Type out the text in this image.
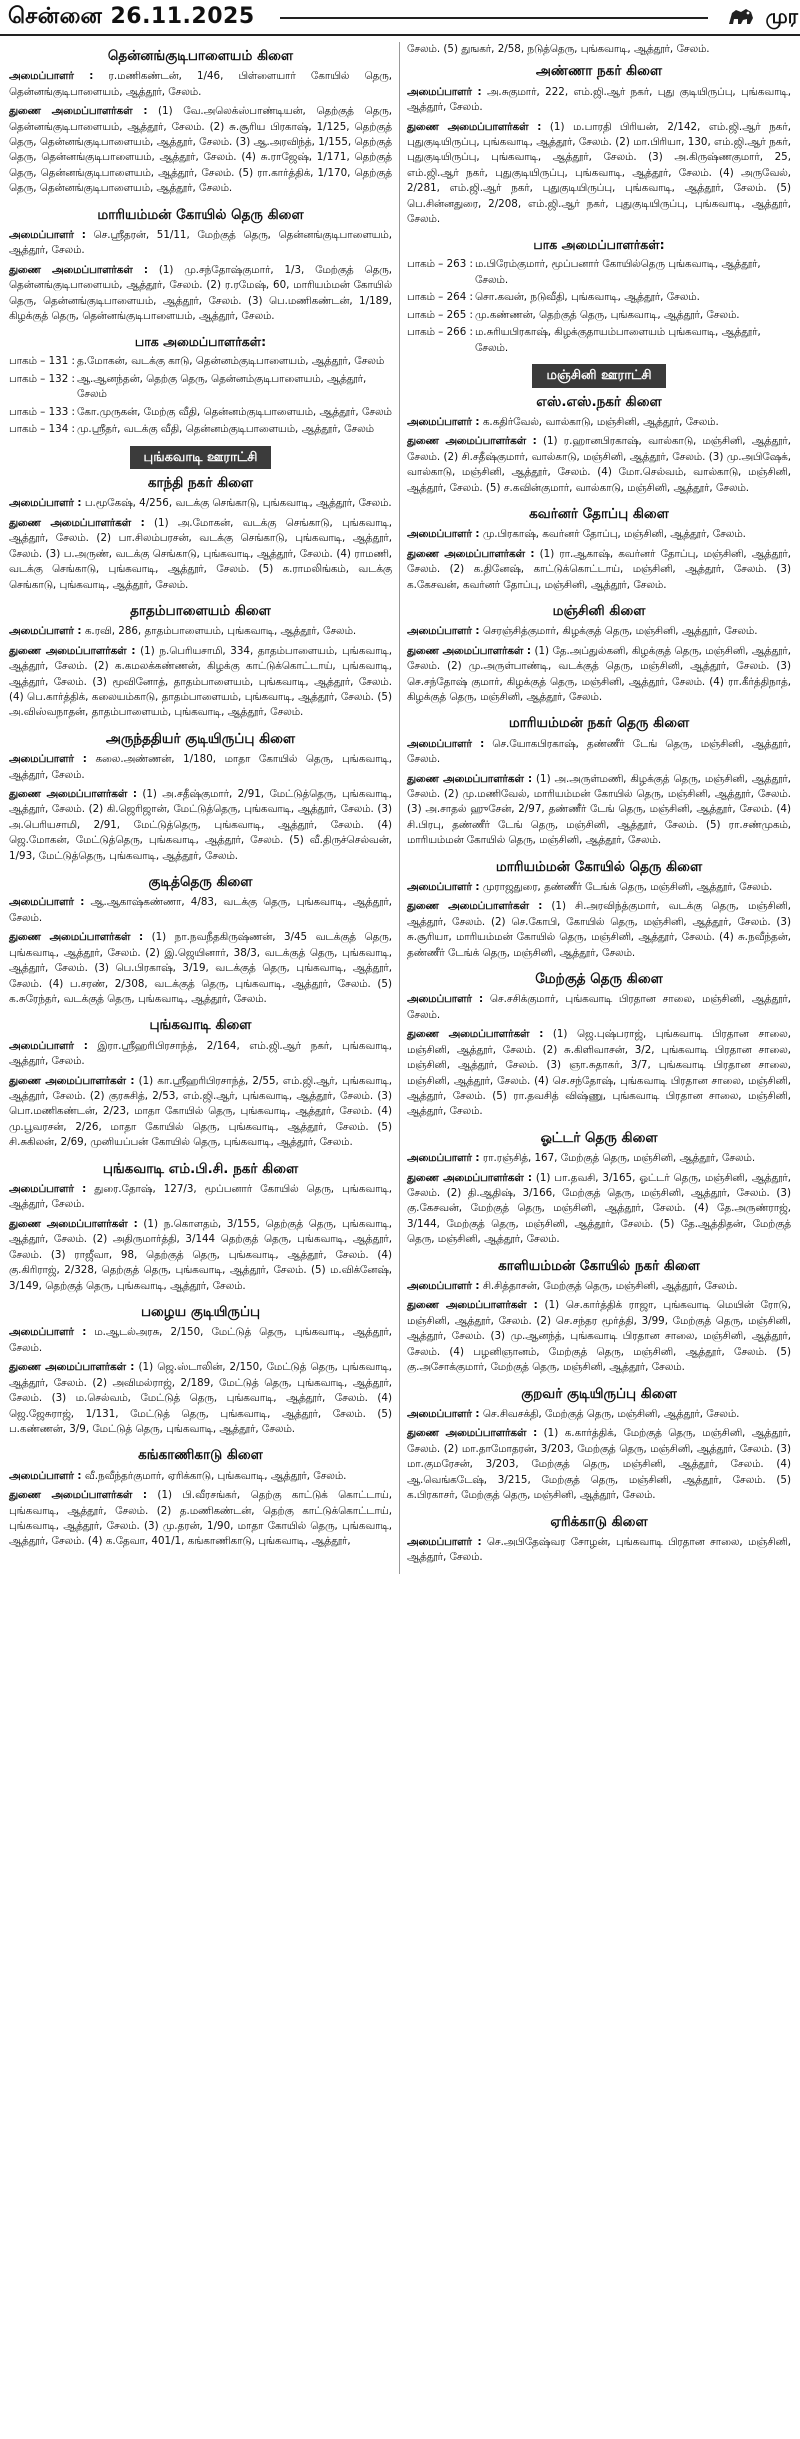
சென்னை 26.11.2025	முர
தென்னங்குடிபாளையம் கிளை

அமைப்பாளர் : ர.மணிகண்டன், 1/46, பிள்ளையார் கோயில் தெரு, தென்னங்குடிபாளையம், ஆத்தூர், சேலம்.

துணை அமைப்பாளர்கள் : (1) வே.அலெக்ஸ்பாண்டியன், தெற்குத் தெரு, தென்னங்குடிபாளையம், ஆத்தூர், சேலம். (2) சு.சூரிய பிரகாஷ், 1/125, தெற்குத் தெரு, தென்னங்குடிபாளையம், ஆத்தூர், சேலம். (3) ஆ.அரவிந்த், 1/155, தெற்குத் தெரு, தென்னங்குடிபாளையம், ஆத்தூர், சேலம். (4) சு.ராஜேஷ், 1/171, தெற்குத் தெரு, தென்னங்குடிபாளையம், ஆத்தூர், சேலம். (5) ரா.கார்த்திக், 1/170, தெற்குத் தெரு, தென்னங்குடிபாளையம், ஆத்தூர், சேலம்.

மாரியம்மன் கோயில் தெரு கிளை

அமைப்பாளர் : செ.ஸ்ரீதரன், 51/11, மேற்குத் தெரு, தென்னங்குடிபாளையம், ஆத்தூர், சேலம்.

துணை அமைப்பாளர்கள் : (1) மு.சந்தோஷ்குமார், 1/3, மேற்குத் தெரு, தென்னங்குடிபாளையம், ஆத்தூர், சேலம். (2) ர.ரமேஷ், 60, மாரியம்மன் கோயில் தெரு, தென்னங்குடிபாளையம், ஆத்தூர், சேலம். (3) பெ.மணிகண்டன், 1/189, கிழக்குத் தெரு, தென்னங்குடிபாளையம், ஆத்தூர், சேலம்.

பாக அமைப்பாளர்கள்:
பாகம் – 131 : த.மோகன், வடக்கு காடு, தென்னம்குடிபாளையம், ஆத்தூர், சேலம்
பாகம் – 132 : ஆ.ஆனந்தன், தெற்கு தெரு, தென்னம்குடிபாளையம், ஆத்தூர், சேலம்
பாகம் – 133 : கோ.முருகன், மேற்கு வீதி, தென்னம்குடிபாளையம், ஆத்தூர், சேலம்
பாகம் – 134 : மு.ஸ்ரீதர், வடக்கு வீதி, தென்னம்குடிபாளையம், ஆத்தூர், சேலம்
புங்கவாடி ஊராட்சி
காந்தி நகர் கிளை

அமைப்பாளர் : ப.மூகேஷ், 4/256, வடக்கு செங்காடு, புங்கவாடி, ஆத்தூர், சேலம்.

துணை அமைப்பாளர்கள் : (1) அ.மோகன், வடக்கு செங்காடு, புங்கவாடி, ஆத்தூர், சேலம். (2) பா.சிலம்பரசன், வடக்கு செங்காடு, புங்கவாடி, ஆத்தூர், சேலம். (3) ப.அருண், வடக்கு செங்காடு, புங்கவாடி, ஆத்தூர், சேலம். (4) ராமணி, வடக்கு செங்காடு, புங்கவாடி, ஆத்தூர், சேலம். (5) க.ராமலிங்கம், வடக்கு செங்காடு, புங்கவாடி, ஆத்தூர், சேலம்.

தாதம்பாளையம் கிளை

அமைப்பாளர் : க.ரவி, 286, தாதம்பாளையம், புங்கவாடி, ஆத்தூர், சேலம்.

துணை அமைப்பாளர்கள் : (1) ந.பெரியசாமி, 334, தாதம்பாளையம், புங்கவாடி, ஆத்தூர், சேலம். (2) க.கமலக்கண்ணன், கிழக்கு காட்டுக்கொட்டாய், புங்கவாடி, ஆத்தூர், சேலம். (3) மூவினோத், தாதம்பாளையம், புங்கவாடி, ஆத்தூர், சேலம். (4) பெ.கார்த்திக், கலையம்காடு, தாதம்பாளையம், புங்கவாடி, ஆத்தூர், சேலம். (5) அ.விஸ்வநாதன், தாதம்பாளையம், புங்கவாடி, ஆத்தூர், சேலம்.

அருந்ததியர் குடியிருப்பு கிளை

அமைப்பாளர் : கலை.அண்ணன், 1/180, மாதா கோயில் தெரு, புங்கவாடி, ஆத்தூர், சேலம்.

துணை அமைப்பாளர்கள் : (1) அ.சதீஷ்குமார், 2/91, மேட்டுத்தெரு, புங்கவாடி, ஆத்தூர், சேலம். (2) கி.ஜெரிஜான், மேட்டுத்தெரு, புங்கவாடி, ஆத்தூர், சேலம். (3) அ.பெரியசாமி, 2/91, மேட்டுத்தெரு, புங்கவாடி, ஆத்தூர், சேலம். (4) ஜெ.மோகன், மேட்டுத்தெரு, புங்கவாடி, ஆத்தூர், சேலம். (5) வீ.திருச்செல்வன், 1/93, மேட்டுத்தெரு, புங்கவாடி, ஆத்தூர், சேலம்.

குடித்தெரு கிளை

அமைப்பாளர் : ஆ.ஆகாஷ்கண்ணா, 4/83, வடக்கு தெரு, புங்கவாடி, ஆத்தூர், சேலம்.

துணை அமைப்பாளர்கள் : (1) நா.நவநீதகிருஷ்ணன், 3/45 வடக்குத் தெரு, புங்கவாடி, ஆத்தூர், சேலம். (2) இ.ஜெயினார், 38/3, வடக்குத் தெரு, புங்கவாடி, ஆத்தூர், சேலம். (3) பெ.பிரகாஷ், 3/19, வடக்குத் தெரு, புங்கவாடி, ஆத்தூர், சேலம். (4) ப.சரண், 2/308, வடக்குத் தெரு, புங்கவாடி, ஆத்தூர், சேலம். (5) க.சுரேந்தர், வடக்குத் தெரு, புங்கவாடி, ஆத்தூர், சேலம்.

புங்கவாடி கிளை

அமைப்பாளர் : இரா.ஸ்ரீஹரிபிரசாந்த், 2/164, எம்.ஜி.ஆர் நகர், புங்கவாடி, ஆத்தூர், சேலம்.

துணை அமைப்பாளர்கள் : (1) கா.ஸ்ரீஹரிபிரசாந்த், 2/55, எம்.ஜி.ஆர், புங்கவாடி, ஆத்தூர், சேலம். (2) குரசுசித், 2/53, எம்.ஜி.ஆர், புங்கவாடி, ஆத்தூர், சேலம். (3) பொ.மணிகண்டன், 2/23, மாதா கோயில் தெரு, புங்கவாடி, ஆத்தூர், சேலம். (4) மு.பூவரசன், 2/26, மாதா கோயில் தெரு, புங்கவாடி, ஆத்தூர், சேலம். (5) சி.சுகிலன், 2/69, முனியப்பன் கோயில் தெரு, புங்கவாடி, ஆத்தூர், சேலம்.

புங்கவாடி எம்.பி.சி. நகர் கிளை

அமைப்பாளர் : துரை.தோஷ், 127/3, மூப்பனார் கோயில் தெரு, புங்கவாடி, ஆத்தூர், சேலம்.

துணை அமைப்பாளர்கள் : (1) ந.கொளதம், 3/155, தெற்குத் தெரு, புங்கவாடி, ஆத்தூர், சேலம். (2) அதிருமார்த்தி, 3/144 தெற்குத் தெரு, புங்கவாடி, ஆத்தூர், சேலம். (3) ராஜீவா, 98, தெற்குத் தெரு, புங்கவாடி, ஆத்தூர், சேலம். (4) கு.கிரிராஜ், 2/328, தெற்குத் தெரு, புங்கவாடி, ஆத்தூர், சேலம். (5) ம.விக்னேஷ், 3/149, தெற்குத் தெரு, புங்கவாடி, ஆத்தூர், சேலம்.

பழைய குடியிருப்பு

அமைப்பாளர் : ம.ஆடல்அரசு, 2/150, மேட்டுத் தெரு, புங்கவாடி, ஆத்தூர், சேலம்.

துணை அமைப்பாளர்கள் : (1) ஜெ.ஸ்டாலின், 2/150, மேட்டுத் தெரு, புங்கவாடி, ஆத்தூர், சேலம். (2) அவிமல்ராஜ், 2/189, மேட்டுத் தெரு, புங்கவாடி, ஆத்தூர், சேலம். (3) ம.செல்வம், மேட்டுத் தெரு, புங்கவாடி, ஆத்தூர், சேலம். (4) ஜெ.ஜேசுராஜ், 1/131, மேட்டுத் தெரு, புங்கவாடி, ஆத்தூர், சேலம். (5) ப.கண்ணன், 3/9, மேட்டுத் தெரு, புங்கவாடி, ஆத்தூர், சேலம்.

கங்காணிகாடு கிளை

அமைப்பாளர் : வீ.நவீந்தர்குமார், ஏரிக்காடு, புங்கவாடி, ஆத்தூர், சேலம்.

துணை அமைப்பாளர்கள் : (1) பி.வீரசங்கர், தெற்கு காட்டுக் கொட்டாய், புங்கவாடி, ஆத்தூர், சேலம். (2) த.மணிகண்டன், தெற்கு காட்டுக்கொட்டாய், புங்கவாடி, ஆத்தூர், சேலம். (3) மு.தரன், 1/90, மாதா கோயில் தெரு, புங்கவாடி, ஆத்தூர், சேலம். (4) க.தேவா, 401/1, கங்காணிகாடு, புங்கவாடி, ஆத்தூர்,

சேலம். (5) துஙகர், 2/58, நடுத்தெரு, புங்கவாடி, ஆத்தூர், சேலம்.

அண்ணா நகர் கிளை

அமைப்பாளர் : அ.சுகுமார், 222, எம்.ஜி.ஆர் நகர், புது குடியிருப்பு, புங்கவாடி, ஆத்தூர், சேலம்.

துணை அமைப்பாளர்கள் : (1) ம.பாரதி பிரியன், 2/142, எம்.ஜி.ஆர் நகர், புதுகுடியிருப்பு, புங்கவாடி, ஆத்தூர், சேலம். (2) மா.பிரியா, 130, எம்.ஜி.ஆர் நகர், புதுகுடியிருப்பு, புங்கவாடி, ஆத்தூர், சேலம். (3) அ.கிருஷ்ணகுமார், 25, எம்.ஜி.ஆர் நகர், புதுகுடியிருப்பு, புங்கவாடி, ஆத்தூர், சேலம். (4) அருவேல், 2/281, எம்.ஜி.ஆர் நகர், புதுகுடியிருப்பு, புங்கவாடி, ஆத்தூர், சேலம். (5) பெ.சின்னதுரை, 2/208, எம்.ஜி.ஆர் நகர், புதுகுடியிருப்பு, புங்கவாடி, ஆத்தூர், சேலம்.

பாக அமைப்பாளர்கள்:
பாகம் – 263 : ம.பிரேம்குமார், மூப்பனார் கோயில்தெரு புங்கவாடி, ஆத்தூர், சேலம்.
பாகம் – 264 : சொ.கவன், நடுவீதி, புங்கவாடி, ஆத்தூர், சேலம்.
பாகம் – 265 : மு.கண்ணன், தெற்குத் தெரு, புங்கவாடி, ஆத்தூர், சேலம்.
பாகம் – 266 : ம.சுரியபிரகாஷ், கிழக்குதாயம்பாளையம் புங்கவாடி, ஆத்தூர், சேலம்.
மஞ்சினி ஊராட்சி
எஸ்.எஸ்.நகர் கிளை

அமைப்பாளர் : க.கதிர்வேல், வால்காடு, மஞ்சினி, ஆத்தூர், சேலம்.

துணை அமைப்பாளர்கள் : (1) ர.ஹானபிரகாஷ், வால்காடு, மஞ்சினி, ஆத்தூர், சேலம். (2) சி.சதீஷ்குமார், வால்காடு, மஞ்சினி, ஆத்தூர், சேலம். (3) மு.அபிஷேக், வால்காடு, மஞ்சினி, ஆத்தூர், சேலம். (4) மோ.செல்வம், வால்காடு, மஞ்சினி, ஆத்தூர், சேலம். (5) ச.கவின்குமார், வால்காடு, மஞ்சினி, ஆத்தூர், சேலம்.

கவர்னர் தோப்பு கிளை

அமைப்பாளர் : மு.பிரகாஷ், கவர்னர் தோப்பு, மஞ்சினி, ஆத்தூர், சேலம்.

துணை அமைப்பாளர்கள் : (1) ரா.ஆகாஷ், கவர்னர் தோப்பு, மஞ்சினி, ஆத்தூர், சேலம். (2) க.தினேஷ், காட்டுக்கொட்டாய், மஞ்சினி, ஆத்தூர், சேலம். (3) க.கேசவன், கவர்னர் தோப்பு, மஞ்சினி, ஆத்தூர், சேலம்.

மஞ்சினி கிளை

அமைப்பாளர் : செரஞ்சித்குமார், கிழக்குத் தெரு, மஞ்சினி, ஆத்தூர், சேலம்.

துணை அமைப்பாளர்கள் : (1) தே.அப்துல்கனி, கிழக்குத் தெரு, மஞ்சினி, ஆத்தூர், சேலம். (2) மு.அருள்பாண்டி, வடக்குத் தெரு, மஞ்சினி, ஆத்தூர், சேலம். (3) செ.சந்தோஷ் குமார், கிழக்குத் தெரு, மஞ்சினி, ஆத்தூர், சேலம். (4) ரா.கீர்த்திநாத், கிழக்குத் தெரு, மஞ்சினி, ஆத்தூர், சேலம்.

மாரியம்மன் நகர் தெரு கிளை

அமைப்பாளர் : செ.யோகபிரகாஷ், தண்ணீர் டேங் தெரு, மஞ்சினி, ஆத்தூர், சேலம்.

துணை அமைப்பாளர்கள் : (1) அ.அருள்மணி, கிழக்குத் தெரு, மஞ்சினி, ஆத்தூர், சேலம். (2) மு.மணிவேல், மாரியம்மன் கோயில் தெரு, மஞ்சினி, ஆத்தூர், சேலம். (3) அ.சாதல் ஹுசேன், 2/97, தண்ணீர் டேங் தெரு, மஞ்சினி, ஆத்தூர், சேலம். (4) சி.பிரபு, தண்ணீர் டேங் தெரு, மஞ்சினி, ஆத்தூர், சேலம். (5) ரா.சண்முகம், மாரியம்மன் கோயில் தெரு, மஞ்சினி, ஆத்தூர், சேலம்.

மாரியம்மன் கோயில் தெரு கிளை

அமைப்பாளர் : முராஜதுரை, தண்ணீர் டேங்க் தெரு, மஞ்சினி, ஆத்தூர், சேலம்.

துணை அமைப்பாளர்கள் : (1) சி.அரவிந்த்குமார், வடக்கு தெரு, மஞ்சினி, ஆத்தூர், சேலம். (2) செ.கோபி, கோயில் தெரு, மஞ்சினி, ஆத்தூர், சேலம். (3) சு.சூரியா, மாரியம்மன் கோயில் தெரு, மஞ்சினி, ஆத்தூர், சேலம். (4) சு.நவீந்தன், தண்ணீர் டேங்க் தெரு, மஞ்சினி, ஆத்தூர், சேலம்.

மேற்குத் தெரு கிளை

அமைப்பாளர் : செ.சசிக்குமார், புங்கவாடி பிரதான சாலை, மஞ்சினி, ஆத்தூர், சேலம்.

துணை அமைப்பாளர்கள் : (1) ஜெ.புஷ்பராஜ், புங்கவாடி பிரதான சாலை, மஞ்சினி, ஆத்தூர், சேலம். (2) சு.கிளிவாசன், 3/2, புங்கவாடி பிரதான சாலை, மஞ்சினி, ஆத்தூர், சேலம். (3) ஞா.சுதாகர், 3/7, புங்கவாடி பிரதான சாலை, மஞ்சினி, ஆத்தூர், சேலம். (4) செ.சந்தோஷ், புங்கவாடி பிரதான சாலை, மஞ்சினி, ஆத்தூர், சேலம். (5) ரா.தவசித் விஷ்ணு, புங்கவாடி பிரதான சாலை, மஞ்சினி, ஆத்தூர், சேலம்.

ஓட்டர் தெரு கிளை

அமைப்பாளர் : ரா.ரஞ்சித், 167, மேற்குத் தெரு, மஞ்சினி, ஆத்தூர், சேலம்.

துணை அமைப்பாளர்கள் : (1) பா.தவசி, 3/165, ஓட்டர் தெரு, மஞ்சினி, ஆத்தூர், சேலம். (2) தி.ஆதிஷ், 3/166, மேற்குத் தெரு, மஞ்சினி, ஆத்தூர், சேலம். (3) கு.கேசவன், மேற்குத் தெரு, மஞ்சினி, ஆத்தூர், சேலம். (4) தே.அருண்ராஜ், 3/144, மேற்குத் தெரு, மஞ்சினி, ஆத்தூர், சேலம். (5) தே.ஆத்திதன், மேற்குத் தெரு, மஞ்சினி, ஆத்தூர், சேலம்.

காளியம்மன் கோயில் நகர் கிளை

அமைப்பாளர் : சி.சித்தாசன், மேற்குத் தெரு, மஞ்சினி, ஆத்தூர், சேலம்.

துணை அமைப்பாளர்கள் : (1) செ.கார்த்திக் ராஜா, புங்கவாடி மெயின் ரோடு, மஞ்சினி, ஆத்தூர், சேலம். (2) செ.சந்தர மூர்த்தி, 3/99, மேற்குத் தெரு, மஞ்சினி, ஆத்தூர், சேலம். (3) மு.ஆனந்த், புங்கவாடி பிரதான சாலை, மஞ்சினி, ஆத்தூர், சேலம். (4) பழனிஞானம், மேற்குத் தெரு, மஞ்சினி, ஆத்தூர், சேலம். (5) கு.அசோக்குமார், மேற்குத் தெரு, மஞ்சினி, ஆத்தூர், சேலம்.

குறவர் குடியிருப்பு கிளை

அமைப்பாளர் : செ.சிவசக்தி, மேற்குத் தெரு, மஞ்சினி, ஆத்தூர், சேலம்.

துணை அமைப்பாளர்கள் : (1) க.கார்த்திக், மேற்குத் தெரு, மஞ்சினி, ஆத்தூர், சேலம். (2) மா.தாமோதரன், 3/203, மேற்குத் தெரு, மஞ்சினி, ஆத்தூர், சேலம். (3) மா.குமரேசன், 3/203, மேற்குத் தெரு, மஞ்சினி, ஆத்தூர், சேலம். (4) ஆ.வெங்கடேஷ், 3/215, மேற்குத் தெரு, மஞ்சினி, ஆத்தூர், சேலம். (5) க.பிரகாசர், மேற்குத் தெரு, மஞ்சினி, ஆத்தூர், சேலம்.

ஏரிக்காடு கிளை

அமைப்பாளர் : செ.அபிதேஷ்வர சோழன், புங்கவாடி பிரதான சாலை, மஞ்சினி, ஆத்தூர், சேலம்.
